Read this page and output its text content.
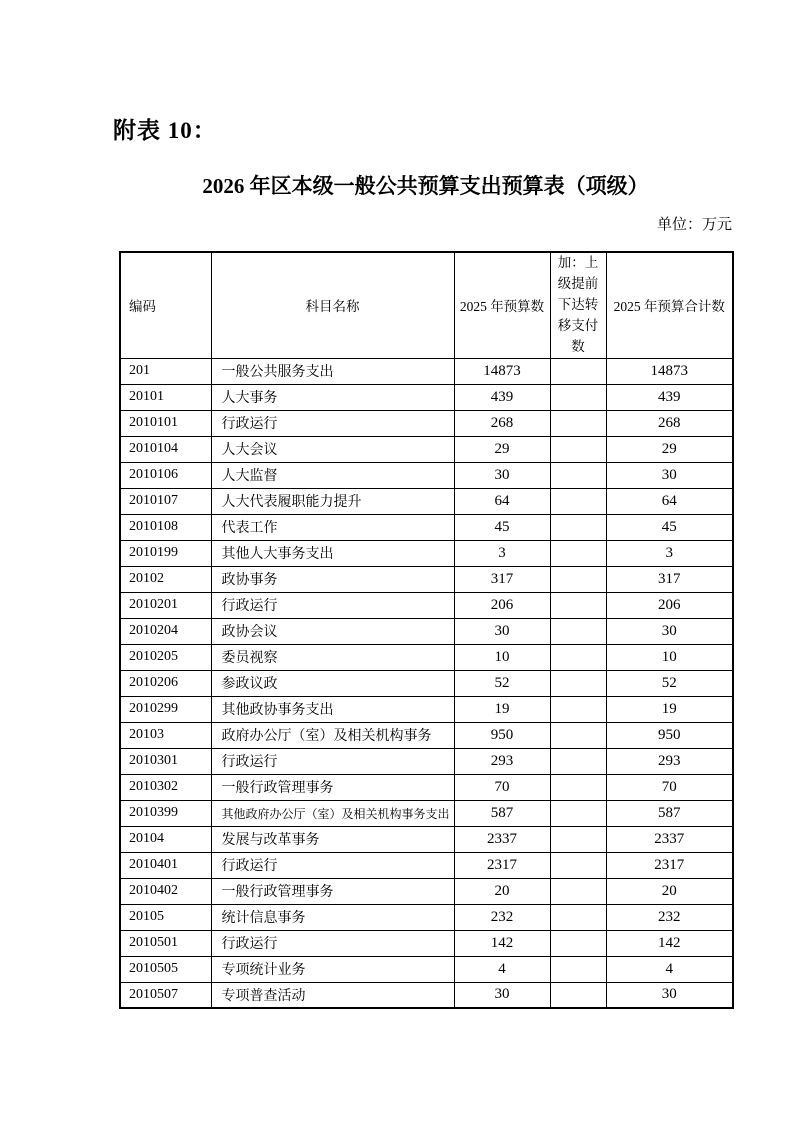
附表 10：
2026 年区本级一般公共预算支出预算表（项级）
单位：万元
编码	科目名称	2025 年预算数	加：上级提前下达转移支付数	2025 年预算合计数
201	一般公共服务支出	14873		14873
20101	人大事务	439		439
2010101	行政运行	268		268
2010104	人大会议	29		29
2010106	人大监督	30		30
2010107	人大代表履职能力提升	64		64
2010108	代表工作	45		45
2010199	其他人大事务支出	3		3
20102	政协事务	317		317
2010201	行政运行	206		206
2010204	政协会议	30		30
2010205	委员视察	10		10
2010206	参政议政	52		52
2010299	其他政协事务支出	19		19
20103	政府办公厅（室）及相关机构事务	950		950
2010301	行政运行	293		293
2010302	一般行政管理事务	70		70
2010399	其他政府办公厅（室）及相关机构事务支出	587		587
20104	发展与改革事务	2337		2337
2010401	行政运行	2317		2317
2010402	一般行政管理事务	20		20
20105	统计信息事务	232		232
2010501	行政运行	142		142
2010505	专项统计业务	4		4
2010507	专项普查活动	30		30
